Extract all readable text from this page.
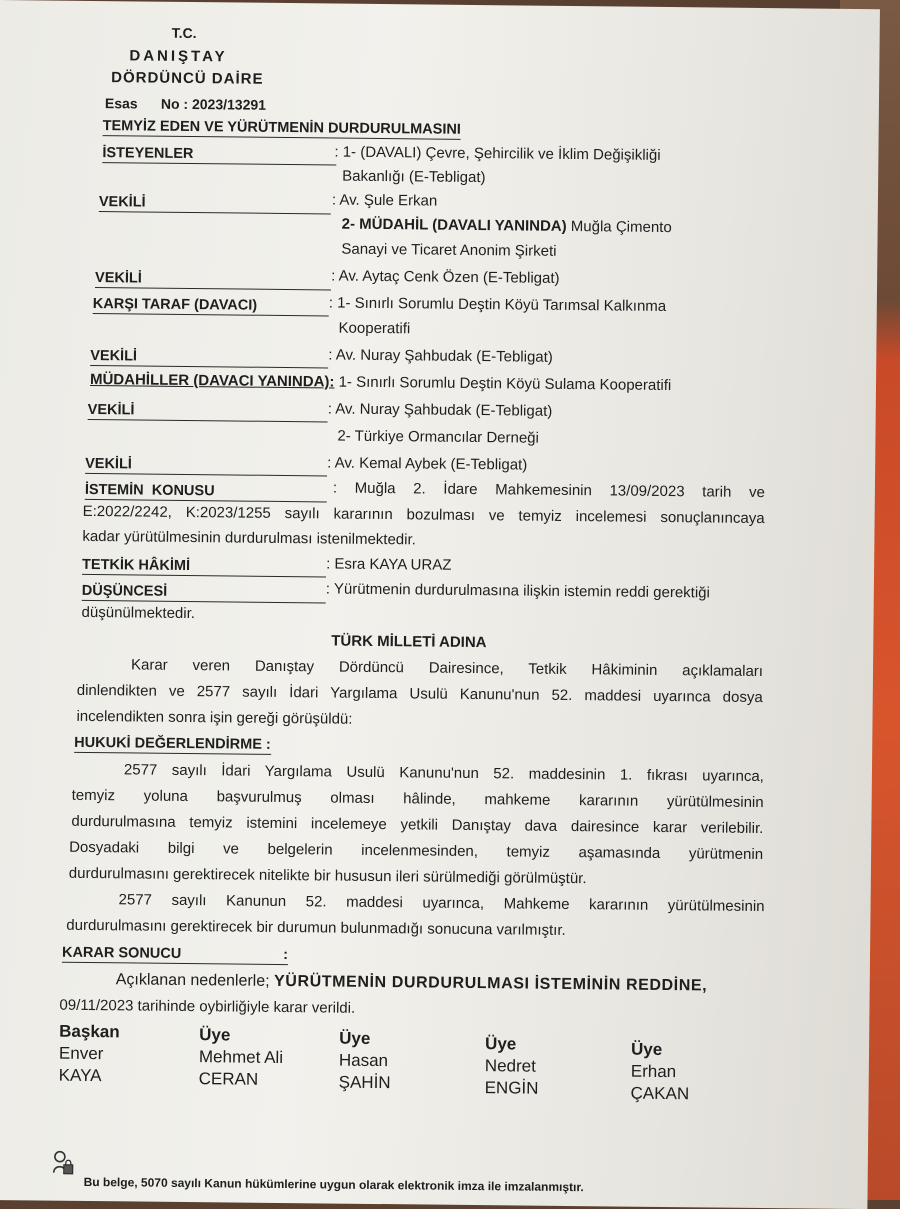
T.C.
DANIŞTAY
DÖRDÜNCÜ DAİRE
Esas No : 2023/13291
TEMYİZ EDEN VE YÜRÜTMENİN DURDURULMASINI
İSTEYENLER	: 1- (DAVALI) Çevre, Şehircilik ve İklim Değişikliği
Bakanlığı (E-Tebligat)
VEKİLİ	: Av. Şule Erkan
2- MÜDAHİL (DAVALI YANINDA) Muğla Çimento
Sanayi ve Ticaret Anonim Şirketi
VEKİLİ	: Av. Aytaç Cenk Özen (E-Tebligat)
KARŞI TARAF (DAVACI)	: 1- Sınırlı Sorumlu Deştin Köyü Tarımsal Kalkınma
Kooperatifi
VEKİLİ	: Av. Nuray Şahbudak (E-Tebligat)
MÜDAHİLLER (DAVACI YANINDA): 1- Sınırlı Sorumlu Deştin Köyü Sulama Kooperatifi
VEKİLİ	: Av. Nuray Şahbudak (E-Tebligat)
2- Türkiye Ormancılar Derneği
VEKİLİ	: Av. Kemal Aybek (E-Tebligat)
İSTEMİN KONUSU	: Muğla 2. İdare Mahkemesinin 13/09/2023 tarih ve
E:2022/2242, K:2023/1255 sayılı kararının bozulması ve temyiz incelemesi sonuçlanıncaya
kadar yürütülmesinin durdurulması istenilmektedir.
TETKİK HÂKİMİ	: Esra KAYA URAZ
DÜŞÜNCESİ	: Yürütmenin durdurulmasına ilişkin istemin reddi gerektiği
düşünülmektedir.
TÜRK MİLLETİ ADINA
Karar veren Danıştay Dördüncü Dairesince, Tetkik Hâkiminin açıklamaları
dinlendikten ve 2577 sayılı İdari Yargılama Usulü Kanunu'nun 52. maddesi uyarınca dosya
incelendikten sonra işin gereği görüşüldü:
HUKUKİ DEĞERLENDİRME :
2577 sayılı İdari Yargılama Usulü Kanunu'nun 52. maddesinin 1. fıkrası uyarınca,
temyiz yoluna başvurulmuş olması hâlinde, mahkeme kararının yürütülmesinin
durdurulmasına temyiz istemini incelemeye yetkili Danıştay dava dairesince karar verilebilir.
Dosyadaki bilgi ve belgelerin incelenmesinden, temyiz aşamasında yürütmenin
durdurulmasını gerektirecek nitelikte bir hususun ileri sürülmediği görülmüştür.
2577 sayılı Kanunun 52. maddesi uyarınca, Mahkeme kararının yürütülmesinin
durdurulmasını gerektirecek bir durumun bulunmadığı sonucuna varılmıştır.
KARAR SONUCU	:
Açıklanan nedenlerle; YÜRÜTMENİN DURDURULMASI İSTEMİNİN REDDİNE,
09/11/2023 tarihinde oybirliğiyle karar verildi.
Başkan
Enver
KAYA
Üye
Mehmet Ali
CERAN
Üye
Hasan
ŞAHİN
Üye
Nedret
ENGİN
Üye
Erhan
ÇAKAN
Bu belge, 5070 sayılı Kanun hükümlerine uygun olarak elektronik imza ile imzalanmıştır.
